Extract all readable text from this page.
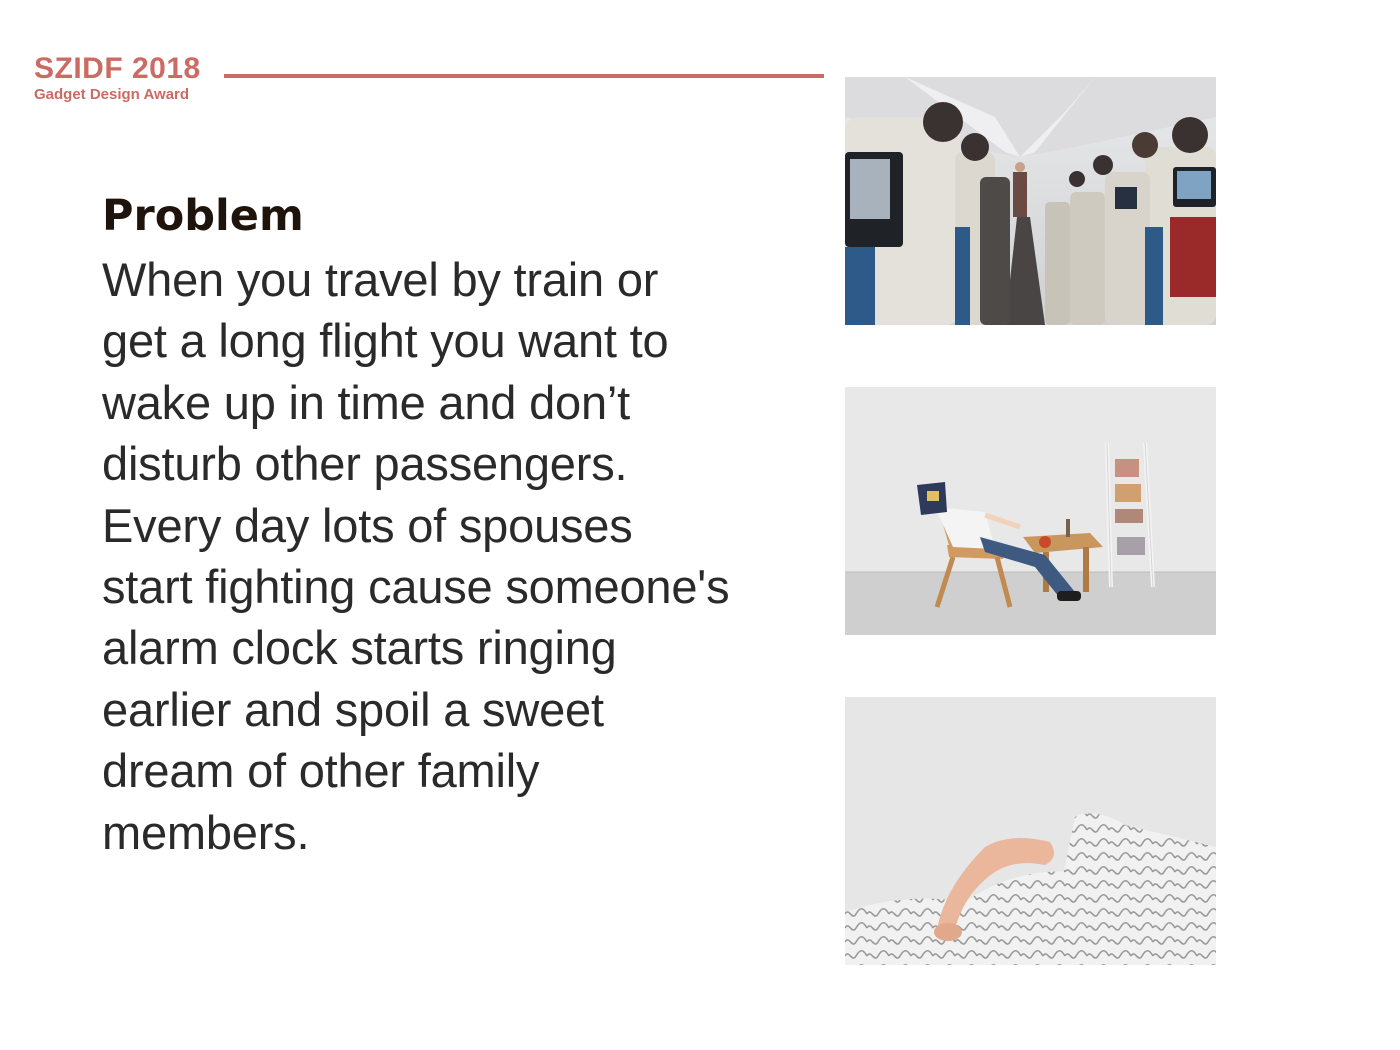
SZIDF 2018

Gadget Design Award

Problem
When you travel by train or
get a long flight you want to
wake up in time and don’t
disturb other passengers.
Every day lots of spouses
start fighting cause someone's
alarm clock starts ringing
earlier and spoil a sweet
dream of other family
members.
